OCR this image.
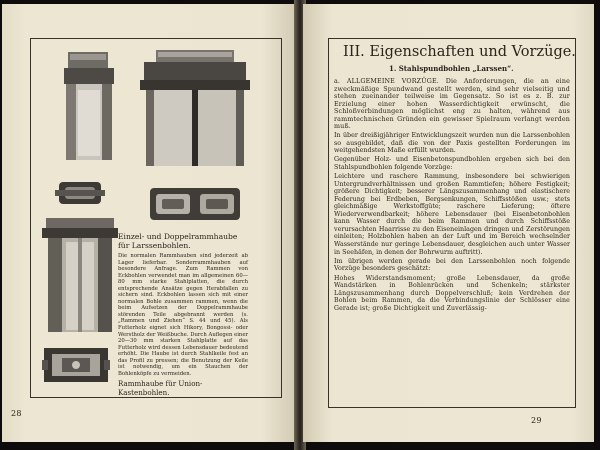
Einzel- und Doppelrammhaube für Larssenbohlen.
Die normalen Rammhauben sind jederzeit ab Lager lieferbar. Sonderrammhauben auf besondere Anfrage. Zum Rammen von Eckbohlen verwendet man im allgemeinen 60—80 mm starke Stahlplatten, die durch entsprechende Ansätze gegen Herabfallen zu sichern sind. Eckbohlen lassen sich mit einer normalen Bohle zusammen rammen, wenn die beim Aufsetzen der Doppelrammhaube störenden Teile abgebrannt werden (s. „Rammen und Ziehen“ S. 44 und 45). Als Futterholz eignet sich Hikory, Bongossi- oder Werstholz der Weißbuche. Durch Auflegen einer 20—30 mm starken Stahlplatte auf das Futterholz wird dessen Lebensdauer bedeutend erhöht. Die Haube ist durch Stahlkeile fest an das Profil zu pressen; die Benutzung der Keile ist notwendig, um ein Stauchen der Bohlenköpfe zu vermeiden.
Rammhaube für Union-Kastenbohlen.
28
III. Eigenschaften und Vorzüge.
1. Stahlspundbohlen „Larssen“.

a. ALLGEMEINE VORZÜGE. Die Anforderungen, die an eine zweckmäßige Spundwand gestellt werden, sind sehr vielseitig und stehen zueinander teilweise im Gegensatz. So ist es z. B. zur Erzielung einer hohen Wasserdichtigkeit erwünscht, die Schloßverbindungen möglichst eng zu halten, während aus rammtechnischen Gründen ein gewisser Spielraum verlangt werden muß.

In über dreißigjähriger Entwicklungszeit wurden nun die Larssenbohlen so ausgebildet, daß die von der Paxis gestellten Forderungen im weitgehendsten Maße erfüllt wurden.

Gegenüber Holz- und Eisenbetonspundbohlen ergeben sich bei den Stahlspundbohlen folgende Vorzüge:

Leichtere und raschere Rammung, insbesondere bei schwierigen Untergrundverhältnissen und großen Rammtiefen; höhere Festigkeit; größere Dichtigkeit; besserer Längszusammenhang und elastischere Federung bei Erdbeben, Bergsenkungen, Schiffsstößen usw.; stets gleichmäßige Werkstoffgüte; raschere Lieferung; öftere Wiederverwendbarkeit; höhere Lebensdauer (bei Eisenbetonbohlen kann Wasser durch die beim Rammen und durch Schiffsstöße verursachten Haarrisse zu den Eiseneinlagen dringen und Zerstörungen einleiten; Holzbohlen haben an der Luft und im Bereich wechselnder Wasserstände nur geringe Lebensdauer, desgleichen auch unter Wasser in Seehäfen, in denen der Bohrwurm auftritt).

Im übrigen werden gerade bei den Larssenbohlen noch folgende Vorzüge besonders geschätzt:

Hohes Widerstandsmoment; große Lebensdauer, da große Wandstärken in Bohlenrücken und Schenkeln; stärkster Längszusammenhang durch Doppelverschluß; kein Verdrehen der Bohlen beim Rammen, da die Verbindungslinie der Schlösser eine Gerade ist; große Dichtigkeit und Zuverlässig-

29
